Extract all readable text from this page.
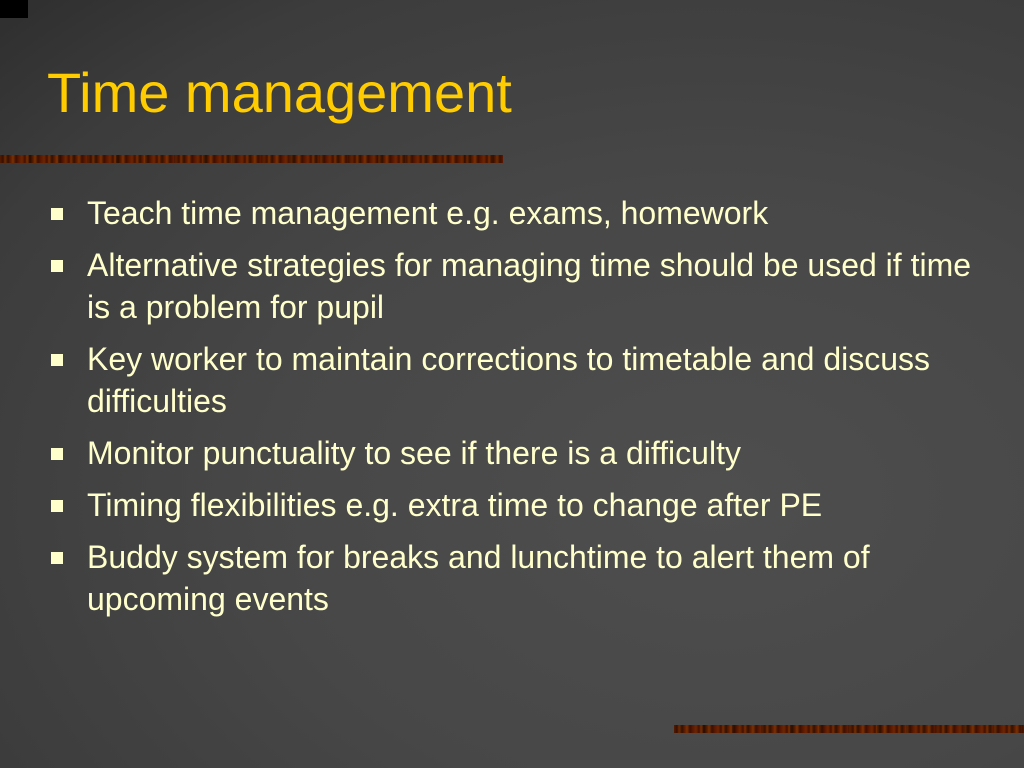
Time management
Teach time management e.g. exams, homework
Alternative strategies for managing time should be used if time is a problem for pupil
Key worker to maintain corrections to timetable and discuss difficulties
Monitor punctuality to see if there is a difficulty
Timing flexibilities e.g. extra time to change after PE
Buddy system for breaks and lunchtime to alert them of upcoming events
